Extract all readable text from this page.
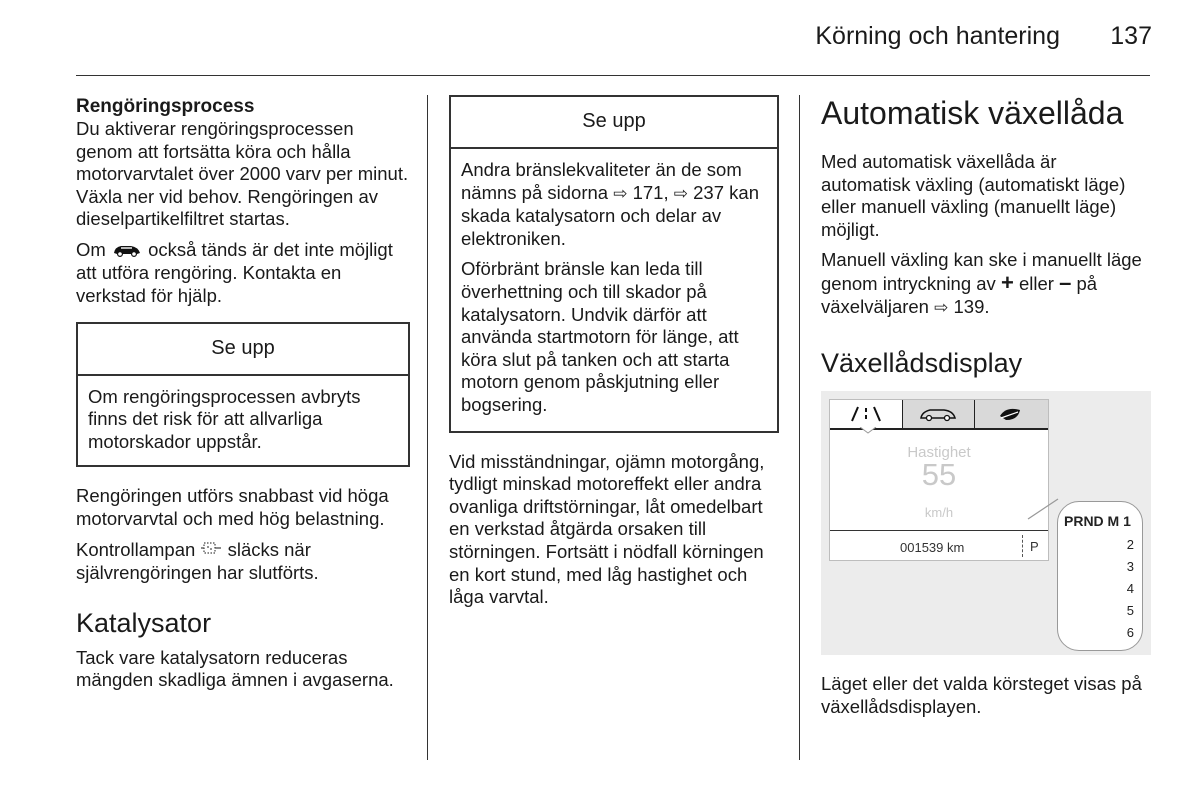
Körning och hantering	137
Rengöringsprocess

Du aktiverar rengöringsprocessen genom att fortsätta köra och hålla motorvarvtalet över 2000 varv per minut. Växla ner vid behov. Rengöringen av dieselpartikelfiltret startas.

Om också tänds är det inte möjligt att utföra rengöring. Kontakta en verkstad för hjälp.

Se upp

Om rengöringsprocessen avbryts finns det risk för att allvarliga motorskador uppstår.

Rengöringen utförs snabbast vid höga motorvarvtal och med hög belastning.

Kontrollampan släcks när självrengöringen har slutförts.

Katalysator

Tack vare katalysatorn reduceras mängden skadliga ämnen i avgaserna.

Se upp

Andra bränslekvaliteter än de som nämns på sidorna ⇨ 171, ⇨ 237 kan skada katalysatorn och delar av elektroniken.

Oförbränt bränsle kan leda till överhettning och till skador på katalysatorn. Undvik därför att använda startmotorn för länge, att köra slut på tanken och att starta motorn genom påskjutning eller bogsering.

Vid misständningar, ojämn motorgång, tydligt minskad motoreffekt eller andra ovanliga driftstörningar, låt omedelbart en verkstad åtgärda orsaken till störningen. Fortsätt i nödfall körningen en kort stund, med låg hastighet och låga varvtal.

Automatisk växellåda

Med automatisk växellåda är automatisk växling (automatiskt läge) eller manuell växling (manuellt läge) möjligt.

Manuell växling kan ske i manuellt läge genom intryckning av + eller – på växelväljaren ⇨ 139.

Växellådsdisplay
Hastighet
55
km/h
001539 km	P
PRND M 1
2
3
4
5
6

Läget eller det valda körsteget visas på växellådsdisplayen.
